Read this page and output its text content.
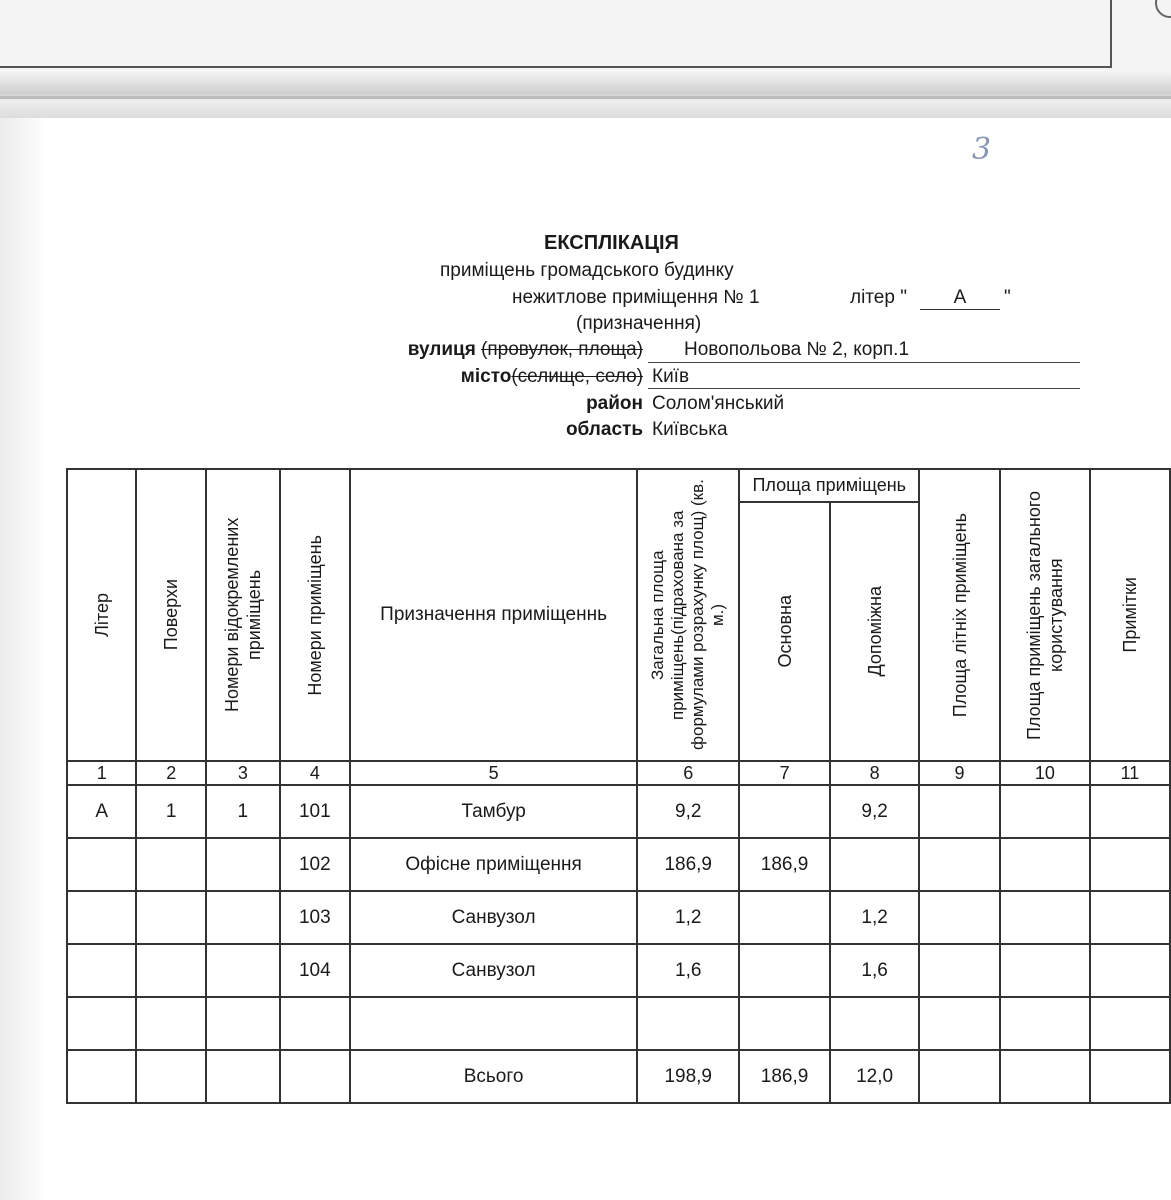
3
ЕКСПЛІКАЦІЯ
приміщень громадського будинку
нежитлове приміщення № 1	літер "	А	"
(призначення)
вулиця (провулок, площа) Новопольова № 2, корп.1
місто(селище, село) Київ
район Солом'янський
область Київська
Літер	Поверхи	Номери відокремлених приміщень	Номери приміщень	Призначення приміщеннь	Загальна площа приміщень(підрахована за формулами розрахунку площ) (кв. м.)	Площа приміщень		Площа літніх приміщень	Площа приміщень загального користування	Примітки

						Основна	Допоміжна			

1	2	3	4	5	6	7	8	9	10	11
А	1	1	101	Тамбур	9,2		9,2			
			102	Офісне приміщення	186,9	186,9				
			103	Санвузол	1,2		1,2			
			104	Санвузол	1,6		1,6			

				Всього	198,9	186,9	12,0			
